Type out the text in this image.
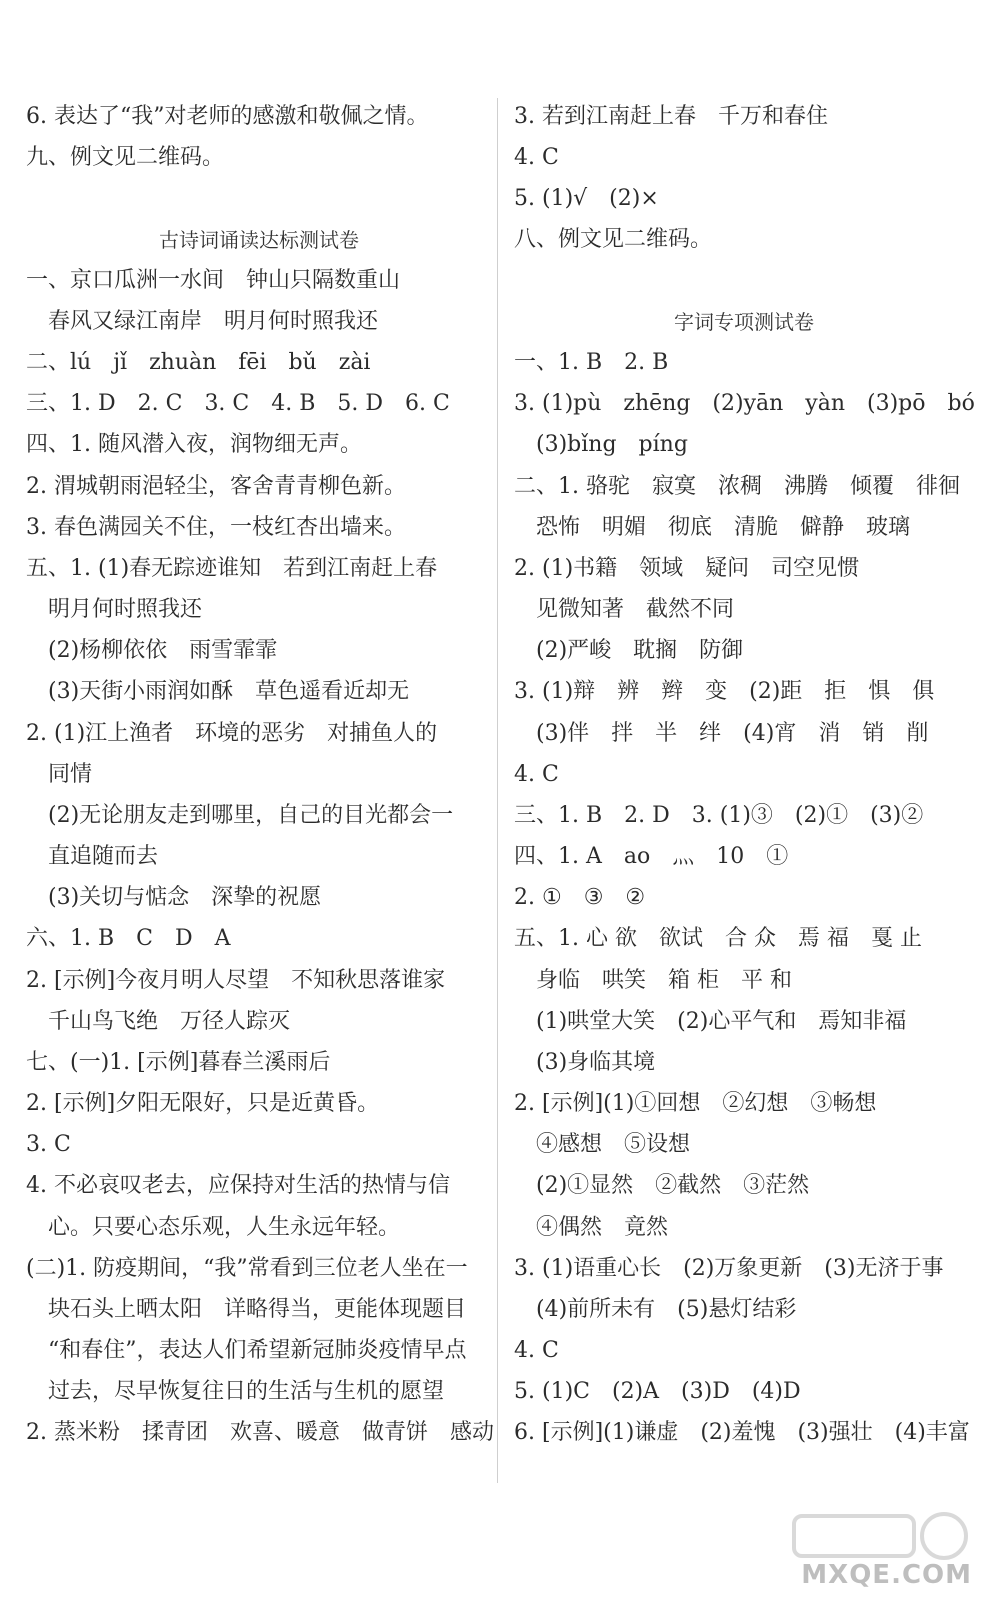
6. 表达了“我”对老师的感激和敬佩之情。
九、例文见二维码。
古诗词诵读达标测试卷
一、京口瓜洲一水间　钟山只隔数重山
　春风又绿江南岸　明月何时照我还
二、lú　jǐ　zhuàn　fēi　bǔ　zài
三、1. D　2. C　3. C　4. B　5. D　6. C
四、1. 随风潜入夜，润物细无声。
2. 渭城朝雨浥轻尘，客舍青青柳色新。
3. 春色满园关不住，一枝红杏出墙来。
五、1. (1)春无踪迹谁知　若到江南赶上春
　明月何时照我还
　(2)杨柳依依　雨雪霏霏
　(3)天街小雨润如酥　草色遥看近却无
2. (1)江上渔者　环境的恶劣　对捕鱼人的
　同情
　(2)无论朋友走到哪里，自己的目光都会一
　直追随而去
　(3)关切与惦念　深挚的祝愿
六、1. B　C　D　A
2. [示例]今夜月明人尽望　不知秋思落谁家
　千山鸟飞绝　万径人踪灭
七、(一)1. [示例]暮春兰溪雨后
2. [示例]夕阳无限好，只是近黄昏。
3. C
4. 不必哀叹老去，应保持对生活的热情与信
　心。只要心态乐观，人生永远年轻。
(二)1. 防疫期间，“我”常看到三位老人坐在一
　块石头上晒太阳　详略得当，更能体现题目
　“和春住”，表达人们希望新冠肺炎疫情早点
　过去，尽早恢复往日的生活与生机的愿望
2. 蒸米粉　揉青团　欢喜、暖意　做青饼　感动
3. 若到江南赶上春　千万和春住
4. C
5. (1)√　(2)×
八、例文见二维码。
字词专项测试卷
一、1. B　2. B
3. (1)pù　zhēng　(2)yān　yàn　(3)pō　bó
　(3)bǐng　píng
二、1. 骆驼　寂寞　浓稠　沸腾　倾覆　徘徊
　恐怖　明媚　彻底　清脆　僻静　玻璃
2. (1)书籍　领域　疑问　司空见惯
　见微知著　截然不同
　(2)严峻　耽搁　防御
3. (1)辩　辨　辫　变　(2)距　拒　惧　俱
　(3)伴　拌　半　绊　(4)宵　消　销　削
4. C
三、1. B　2. D　3. (1)③　(2)①　(3)②
四、1. A　ao　灬　10　①
2. ①　③　②
五、1. 心 欲　欲试　合 众　焉 福　戛 止
　身临　哄笑　箱 柜　平 和
　(1)哄堂大笑　(2)心平气和　焉知非福
　(3)身临其境
2. [示例](1)①回想　②幻想　③畅想
　④感想　⑤设想
　(2)①显然　②截然　③茫然
　④偶然　竟然
3. (1)语重心长　(2)万象更新　(3)无济于事
　(4)前所未有　(5)悬灯结彩
4. C
5. (1)C　(2)A　(3)D　(4)D
6. [示例](1)谦虚　(2)羞愧　(3)强壮　(4)丰富
MXQE.COM
